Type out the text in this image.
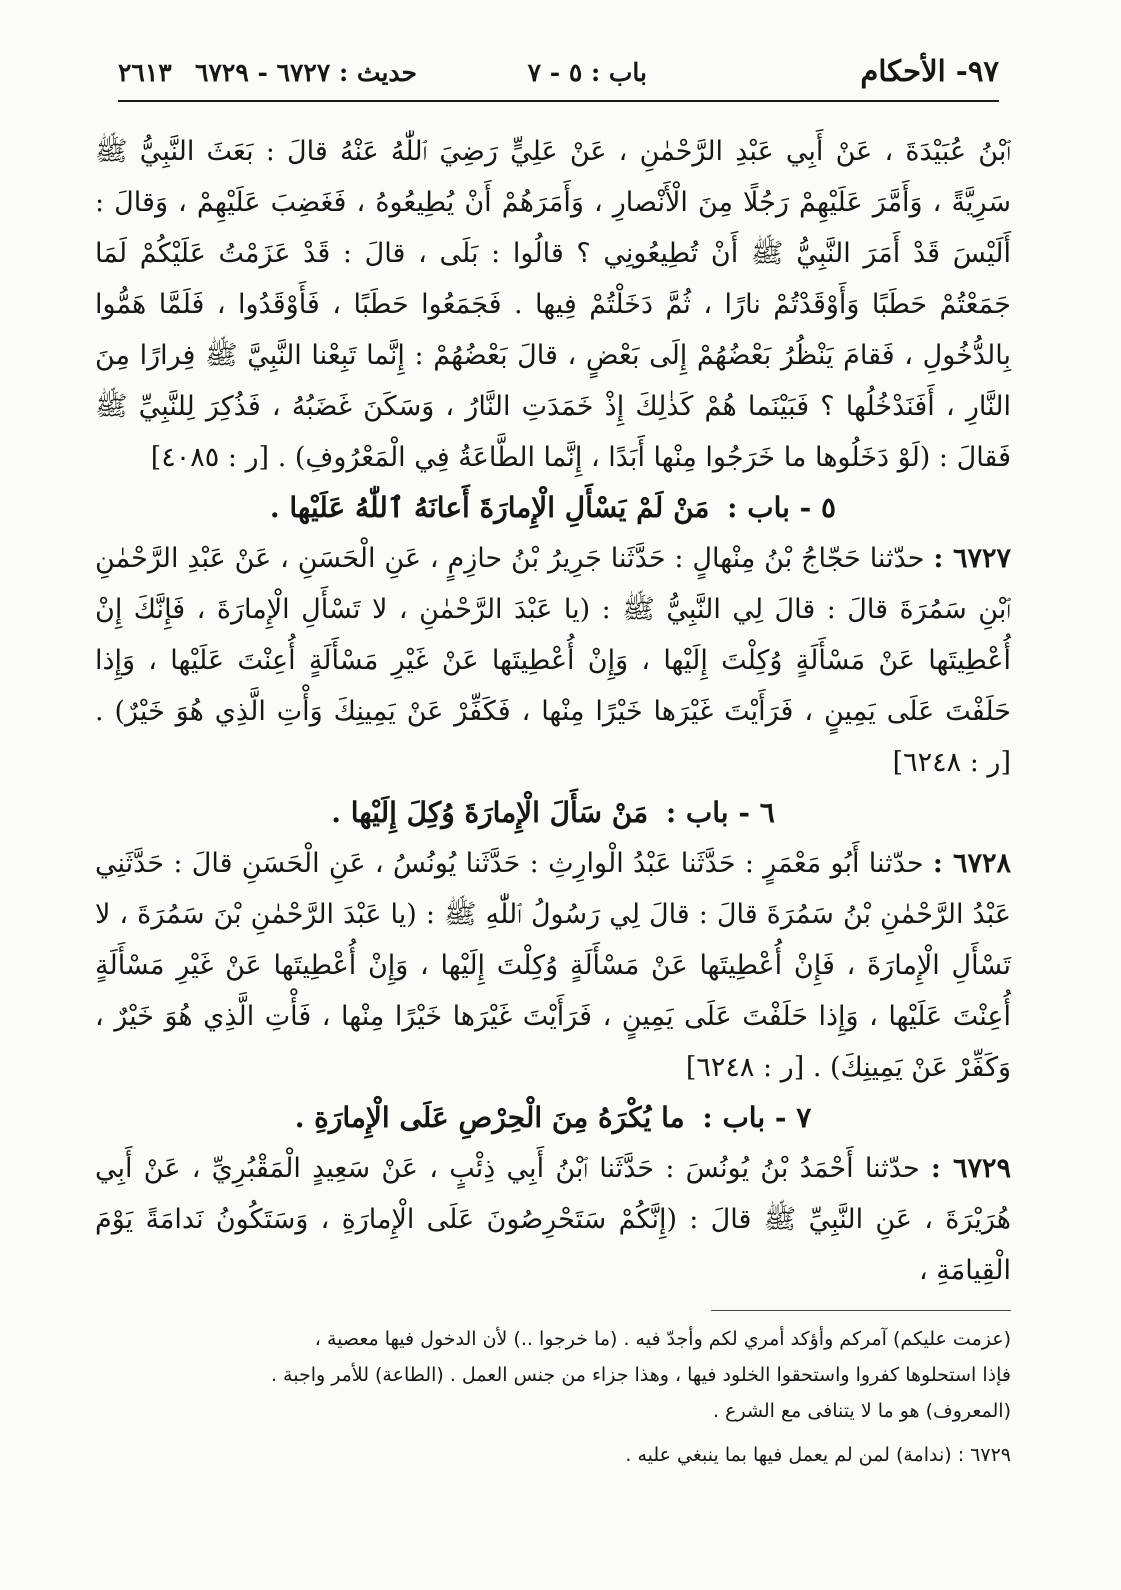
٩٧- الأحكام
باب : ٥ - ٧
حديث : ٦٧٢٧ - ٦٧٢٩
٢٦١٣

ٱبْنُ عُبَيْدَةَ ، عَنْ أَبِي عَبْدِ الرَّحْمٰنِ ، عَنْ عَلِيٍّ رَضِيَ ٱللّٰهُ عَنْهُ قالَ : بَعَثَ النَّبِيُّ ﷺ سَرِيَّةً ، وَأَمَّرَ عَلَيْهِمْ رَجُلًا مِنَ الْأَنْصارِ ، وَأَمَرَهُمْ أَنْ يُطِيعُوهُ ، فَغَضِبَ عَلَيْهِمْ ، وَقالَ : أَلَيْسَ قَدْ أَمَرَ النَّبِيُّ ﷺ أَنْ تُطِيعُونِي ؟ قالُوا : بَلَى ، قالَ : قَدْ عَزَمْتُ عَلَيْكُمْ لَمَا جَمَعْتُمْ حَطَبًا وَأَوْقَدْتُمْ نارًا ، ثُمَّ دَخَلْتُمْ فِيها . فَجَمَعُوا حَطَبًا ، فَأَوْقَدُوا ، فَلَمَّا هَمُّوا بِالدُّخُولِ ، فَقامَ يَنْظُرُ بَعْضُهُمْ إِلَى بَعْضٍ ، قالَ بَعْضُهُمْ : إِنَّما تَبِعْنا النَّبِيَّ ﷺ فِرارًا مِنَ النَّارِ ، أَفَنَدْخُلُها ؟ فَبَيْنَما هُمْ كَذٰلِكَ إِذْ خَمَدَتِ النَّارُ ، وَسَكَنَ غَضَبُهُ ، فَذُكِرَ لِلنَّبِيِّ ﷺ فَقالَ : (لَوْ دَخَلُوها ما خَرَجُوا مِنْها أَبَدًا ، إِنَّما الطَّاعَةُ فِي الْمَعْرُوفِ) . [ر : ٤٠٨٥]

٥ - باب : مَنْ لَمْ يَسْأَلِ الْإِمارَةَ أَعانَهُ ٱللّٰهُ عَلَيْها .

٦٧٢٧ : حدّثنا حَجّاجُ بْنُ مِنْهالٍ : حَدَّثَنا جَرِيرُ بْنُ حازِمٍ ، عَنِ الْحَسَنِ ، عَنْ عَبْدِ الرَّحْمٰنِ ٱبْنِ سَمُرَةَ قالَ : قالَ لِي النَّبِيُّ ﷺ : (يا عَبْدَ الرَّحْمٰنِ ، لا تَسْأَلِ الْإِمارَةَ ، فَإِنَّكَ إِنْ أُعْطِيتَها عَنْ مَسْأَلَةٍ وُكِلْتَ إِلَيْها ، وَإِنْ أُعْطِيتَها عَنْ غَيْرِ مَسْأَلَةٍ أُعِنْتَ عَلَيْها ، وَإِذا حَلَفْتَ عَلَى يَمِينٍ ، فَرَأَيْتَ غَيْرَها خَيْرًا مِنْها ، فَكَفِّرْ عَنْ يَمِينِكَ وَأْتِ الَّذِي هُوَ خَيْرٌ) . [ر : ٦٢٤٨]

٦ - باب : مَنْ سَأَلَ الْإِمارَةَ وُكِلَ إِلَيْها .

٦٧٢٨ : حدّثنا أَبُو مَعْمَرٍ : حَدَّثَنا عَبْدُ الْوارِثِ : حَدَّثَنا يُونُسُ ، عَنِ الْحَسَنِ قالَ : حَدَّثَنِي عَبْدُ الرَّحْمٰنِ بْنُ سَمُرَةَ قالَ : قالَ لِي رَسُولُ ٱللّٰهِ ﷺ : (يا عَبْدَ الرَّحْمٰنِ بْنَ سَمُرَةَ ، لا تَسْأَلِ الْإِمارَةَ ، فَإِنْ أُعْطِيتَها عَنْ مَسْأَلَةٍ وُكِلْتَ إِلَيْها ، وَإِنْ أُعْطِيتَها عَنْ غَيْرِ مَسْأَلَةٍ أُعِنْتَ عَلَيْها ، وَإِذا حَلَفْتَ عَلَى يَمِينٍ ، فَرَأَيْتَ غَيْرَها خَيْرًا مِنْها ، فَأْتِ الَّذِي هُوَ خَيْرٌ ، وَكَفِّرْ عَنْ يَمِينِكَ) . [ر : ٦٢٤٨]

٧ - باب : ما يُكْرَهُ مِنَ الْحِرْصِ عَلَى الْإِمارَةِ .

٦٧٢٩ : حدّثنا أَحْمَدُ بْنُ يُونُسَ : حَدَّثَنا ٱبْنُ أَبِي ذِئْبٍ ، عَنْ سَعِيدٍ الْمَقْبُرِيِّ ، عَنْ أَبِي هُرَيْرَةَ ، عَنِ النَّبِيِّ ﷺ قالَ : (إِنَّكُمْ سَتَحْرِصُونَ عَلَى الْإِمارَةِ ، وَسَتَكُونُ نَدامَةً يَوْمَ الْقِيامَةِ ،

(عزمت عليكم) آمركم وأؤكد أمري لكم وأجدّ فيه . (ما خرجوا ..) لأن الدخول فيها معصية ،

فإذا استحلوها كفروا واستحقوا الخلود فيها ، وهذا جزاء من جنس العمل . (الطاعة) للأمر واجبة .

(المعروف) هو ما لا يتنافى مع الشرع .

٦٧٢٩ : (ندامة) لمن لم يعمل فيها بما ينبغي عليه .
